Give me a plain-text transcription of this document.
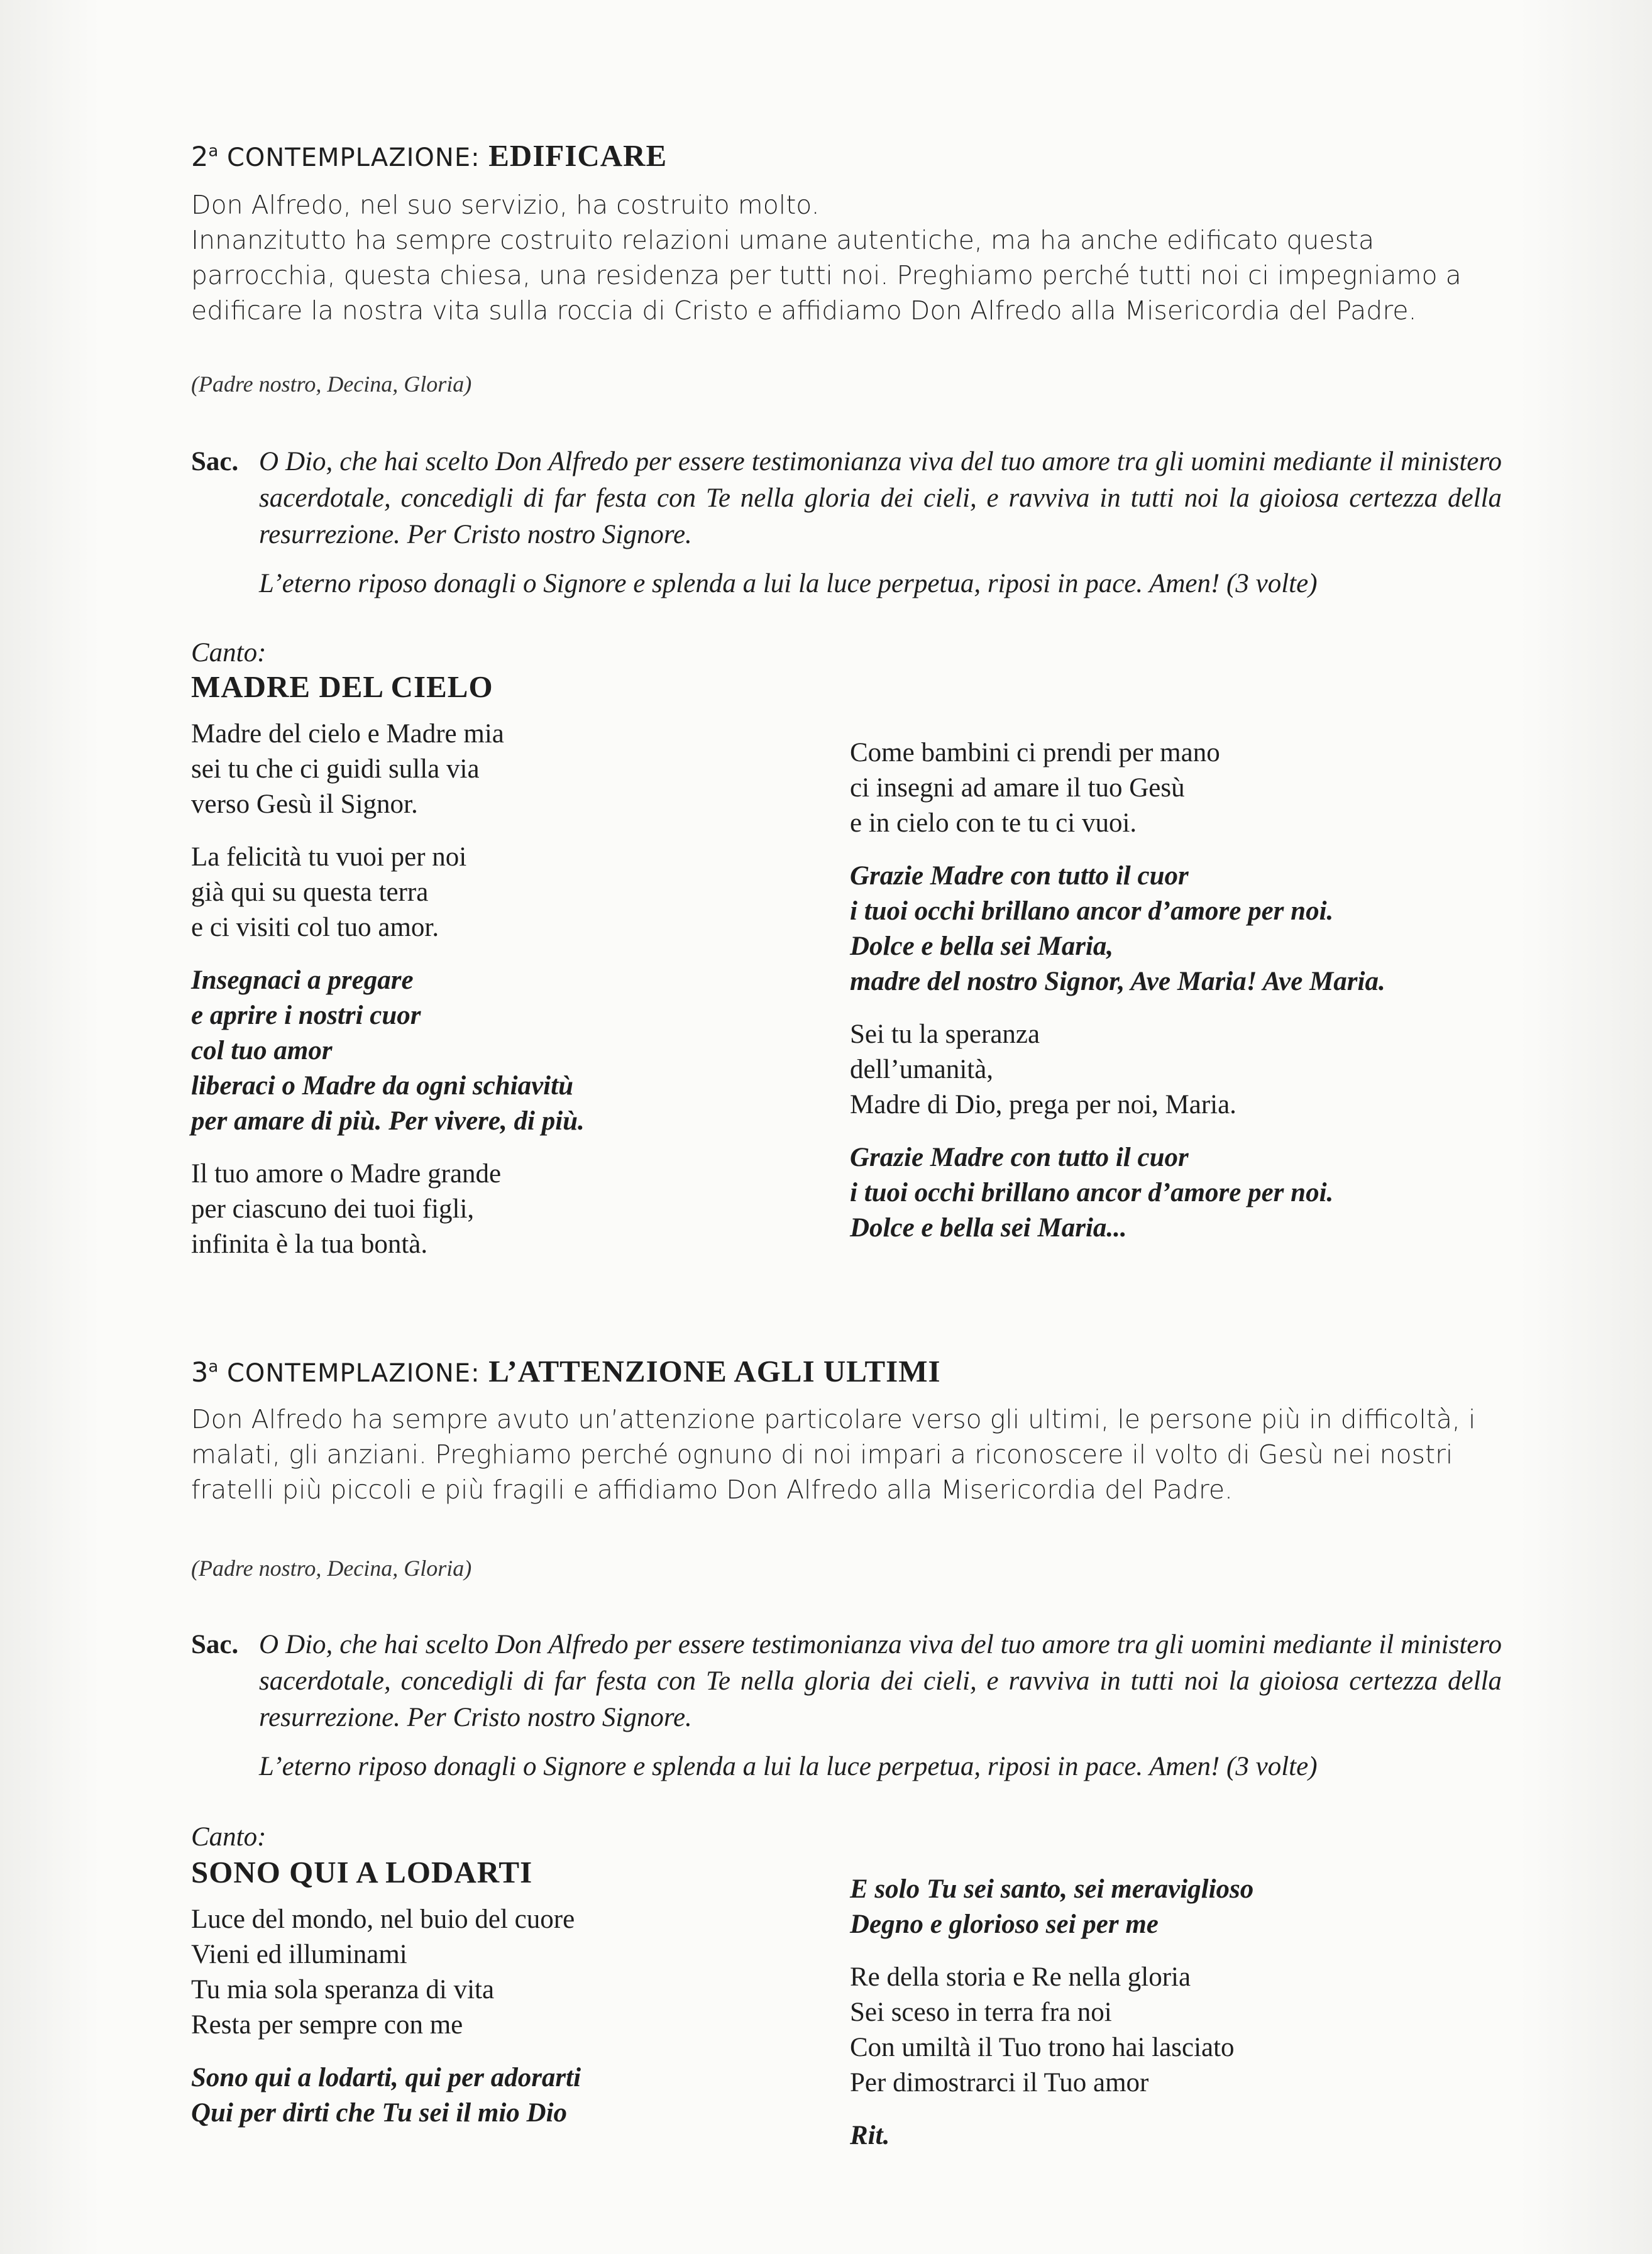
2$^a$ CONTEMPLAZIONE: EDIFICARE

Don Alfredo, nel suo servizio, ha costruito molto.

Innanzitutto ha sempre costruito relazioni umane autentiche, ma ha anche edificato questa parrocchia, questa chiesa, una residenza per tutti noi. Preghiamo perché tutti noi ci impegniamo a edificare la nostra vita sulla roccia di Cristo e affidiamo Don Alfredo alla Misericordia del Padre.

(Padre nostro, Decina, Gloria)
Sac. O Dio, che hai scelto Don Alfredo per essere testimonianza viva del tuo amore tra gli uomini mediante il ministero sacerdotale, concedigli di far festa con Te nella gloria dei cieli, e ravviva in tutti noi la gioiosa certezza della resurrezione. Per Cristo nostro Signore.
L’eterno riposo donagli o Signore e splenda a lui la luce perpetua, riposi in pace. Amen! (3 volte)
Canto:
MADRE DEL CIELO
Madre del cielo e Madre mia
sei tu che ci guidi sulla via
verso Gesù il Signor.
La felicità tu vuoi per noi
già qui su questa terra
e ci visiti col tuo amor.
Insegnaci a pregare
e aprire i nostri cuor
col tuo amor
liberaci o Madre da ogni schiavitù
per amare di più. Per vivere, di più.
Il tuo amore o Madre grande
per ciascuno dei tuoi figli,
infinita è la tua bontà.
Come bambini ci prendi per mano
ci insegni ad amare il tuo Gesù
e in cielo con te tu ci vuoi.
Grazie Madre con tutto il cuor
i tuoi occhi brillano ancor d’amore per noi.
Dolce e bella sei Maria,
madre del nostro Signor, Ave Maria! Ave Maria.
Sei tu la speranza
dell’umanità,
Madre di Dio, prega per noi, Maria.
Grazie Madre con tutto il cuor
i tuoi occhi brillano ancor d’amore per noi.
Dolce e bella sei Maria...
3$^a$ CONTEMPLAZIONE: L’ATTENZIONE AGLI ULTIMI

Don Alfredo ha sempre avuto un’attenzione particolare verso gli ultimi, le persone più in difficoltà, i malati, gli anziani. Preghiamo perché ognuno di noi impari a riconoscere il volto di Gesù nei nostri fratelli più piccoli e più fragili e affidiamo Don Alfredo alla Misericordia del Padre.

(Padre nostro, Decina, Gloria)
Sac. O Dio, che hai scelto Don Alfredo per essere testimonianza viva del tuo amore tra gli uomini mediante il ministero sacerdotale, concedigli di far festa con Te nella gloria dei cieli, e ravviva in tutti noi la gioiosa certezza della resurrezione. Per Cristo nostro Signore.
L’eterno riposo donagli o Signore e splenda a lui la luce perpetua, riposi in pace. Amen! (3 volte)
Canto:
SONO QUI A LODARTI
Luce del mondo, nel buio del cuore
Vieni ed illuminami
Tu mia sola speranza di vita
Resta per sempre con me
Sono qui a lodarti, qui per adorarti
Qui per dirti che Tu sei il mio Dio
E solo Tu sei santo, sei meraviglioso
Degno e glorioso sei per me
Re della storia e Re nella gloria
Sei sceso in terra fra noi
Con umiltà il Tuo trono hai lasciato
Per dimostrarci il Tuo amor
Rit.
